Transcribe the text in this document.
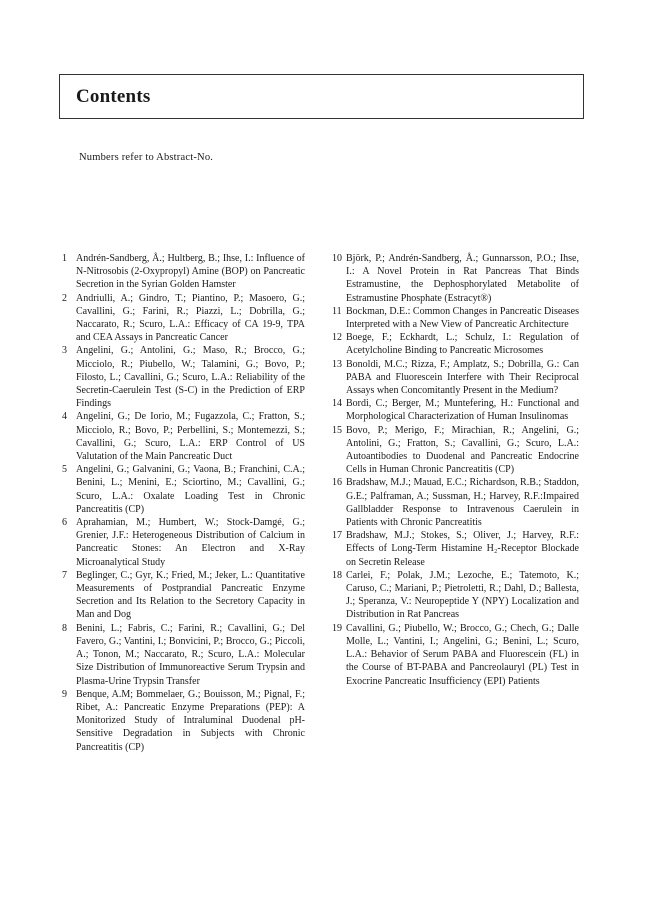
Contents
Numbers refer to Abstract-No.
1 Andrén-Sandberg, Å.; Hultberg, B.; Ihse, I.: Influence of N-Nitrosobis (2-Oxypropyl) Amine (BOP) on Pancreatic Secretion in the Syrian Golden Hamster
2 Andriulli, A.; Gindro, T.; Piantino, P.; Masoero, G.; Cavallini, G.; Farini, R.; Piazzi, L.; Dobrilla, G.; Naccarato, R.; Scuro, L.A.: Efficacy of CA 19-9, TPA and CEA Assays in Pancreatic Cancer
3 Angelini, G.; Antolini, G.; Maso, R.; Brocco, G.; Micciolo, R.; Piubello, W.; Talamini, G.; Bovo, P.; Filosto, L.; Cavallini, G.; Scuro, L.A.: Reliability of the Secretin-Caerulein Test (S-C) in the Prediction of ERP Findings
4 Angelini, G.; De Iorio, M.; Fugazzola, C.; Fratton, S.; Micciolo, R.; Bovo, P.; Perbellini, S.; Montemezzi, S.; Cavallini, G.; Scuro, L.A.: ERP Control of US Valutation of the Main Pancreatic Duct
5 Angelini, G.; Galvanini, G.; Vaona, B.; Franchini, C.A.; Benini, L.; Menini, E.; Sciortino, M.; Cavallini, G.; Scuro, L.A.: Oxalate Loading Test in Chronic Pancreatitis (CP)
6 Aprahamian, M.; Humbert, W.; Stock-Damgé, G.; Grenier, J.F.: Heterogeneous Distribution of Calcium in Pancreatic Stones: An Electron and X-Ray Microanalytical Study
7 Beglinger, C.; Gyr, K.; Fried, M.; Jeker, L.: Quantitative Measurements of Postprandial Pancreatic Enzyme Secretion and Its Relation to the Secretory Capacity in Man and Dog
8 Benini, L.; Fabris, C.; Farini, R.; Cavallini, G.; Del Favero, G.; Vantini, I.; Bonvicini, P.; Brocco, G.; Piccoli, A.; Tonon, M.; Naccarato, R.; Scuro, L.A.: Molecular Size Distribution of Immunoreactive Serum Trypsin and Plasma-Urine Trypsin Transfer
9 Benque, A.M; Bommelaer, G.; Bouisson, M.; Pignal, F.; Ribet, A.: Pancreatic Enzyme Preparations (PEP): A Monitorized Study of Intraluminal Duodenal pH-Sensitive Degradation in Subjects with Chronic Pancreatitis (CP)
10 Björk, P.; Andrén-Sandberg, Å.; Gunnarsson, P.O.; Ihse, I.: A Novel Protein in Rat Pancreas That Binds Estramustine, the Dephosphorylated Metabolite of Estramustine Phosphate (Estracyt®)
11 Bockman, D.E.: Common Changes in Pancreatic Diseases Interpreted with a New View of Pancreatic Architecture
12 Boege, F.; Eckhardt, L.; Schulz, I.: Regulation of Acetylcholine Binding to Pancreatic Microsomes
13 Bonoldi, M.C.; Rizza, F.; Amplatz, S.; Dobrilla, G.: Can PABA and Fluorescein Interfere with Their Reciprocal Assays when Concomitantly Present in the Medium?
14 Bordi, C.; Berger, M.; Muntefering, H.: Functional and Morphological Characterization of Human Insulinomas
15 Bovo, P.; Merigo, F.; Mirachian, R.; Angelini, G.; Antolini, G.; Fratton, S.; Cavallini, G.; Scuro, L.A.: Autoantibodies to Duodenal and Pancreatic Endocrine Cells in Human Chronic Pancreatitis (CP)
16 Bradshaw, M.J.; Mauad, E.C.; Richardson, R.B.; Staddon, G.E.; Palframan, A.; Sussman, H.; Harvey, R.F.:Impaired Gallbladder Response to Intravenous Caerulein in Patients with Chronic Pancreatitis
17 Bradshaw, M.J.; Stokes, S.; Oliver, J.; Harvey, R.F.: Effects of Long-Term Histamine H₂-Receptor Blockade on Secretin Release
18 Carlei, F.; Polak, J.M.; Lezoche, E.; Tatemoto, K.; Caruso, C.; Mariani, P.; Pietroletti, R.; Dahl, D.; Ballesta, J.; Speranza, V.: Neuropeptide Y (NPY) Localization and Distribution in Rat Pancreas
19 Cavallini, G.; Piubello, W.; Brocco, G.; Chech, G.; Dalle Molle, L.; Vantini, I.; Angelini, G.; Benini, L.; Scuro, L.A.: Behavior of Serum PABA and Fluorescein (FL) in the Course of BT-PABA and Pancreolauryl (PL) Test in Exocrine Pancreatic Insufficiency (EPI) Patients
